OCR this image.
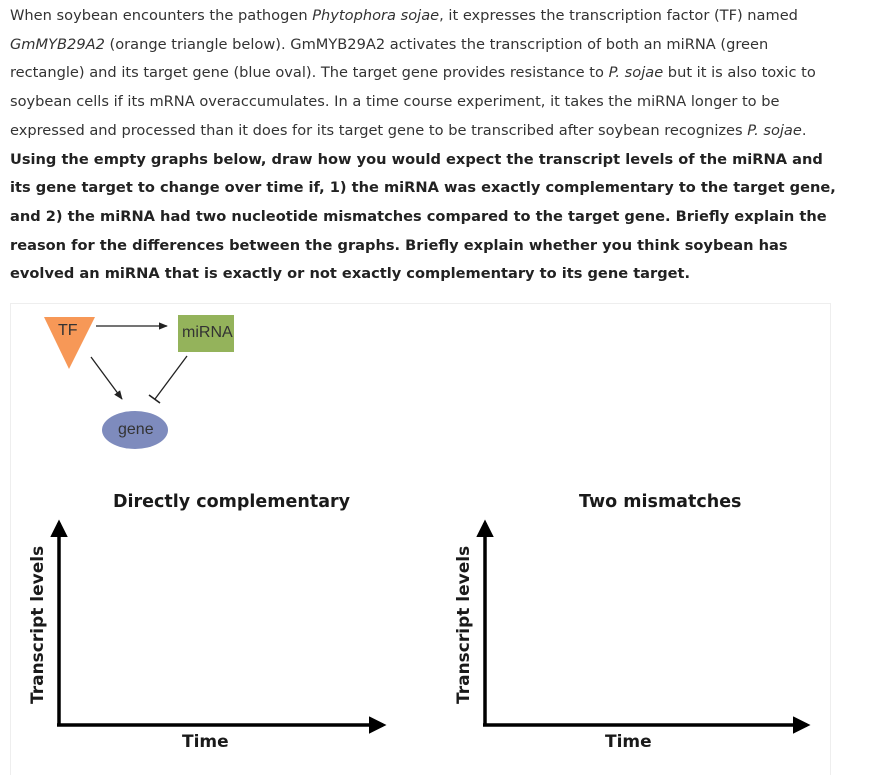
When soybean encounters the pathogen Phytophora sojae, it expresses the transcription factor (TF) named GmMYB29A2 (orange triangle below). GmMYB29A2 activates the transcription of both an miRNA (green rectangle) and its target gene (blue oval). The target gene provides resistance to P. sojae but it is also toxic to soybean cells if its mRNA overaccumulates. In a time course experiment, it takes the miRNA longer to be expressed and processed than it does for its target gene to be transcribed after soybean recognizes P. sojae. Using the empty graphs below, draw how you would expect the transcript levels of the miRNA and its gene target to change over time if, 1) the miRNA was exactly complementary to the target gene, and 2) the miRNA had two nucleotide mismatches compared to the target gene. Briefly explain the reason for the differences between the graphs. Briefly explain whether you think soybean has evolved an miRNA that is exactly or not exactly complementary to its gene target.
TF	miRNA
gene
Directly complementary
Transcript levels
Time
Two mismatches
Transcript levels
Time
